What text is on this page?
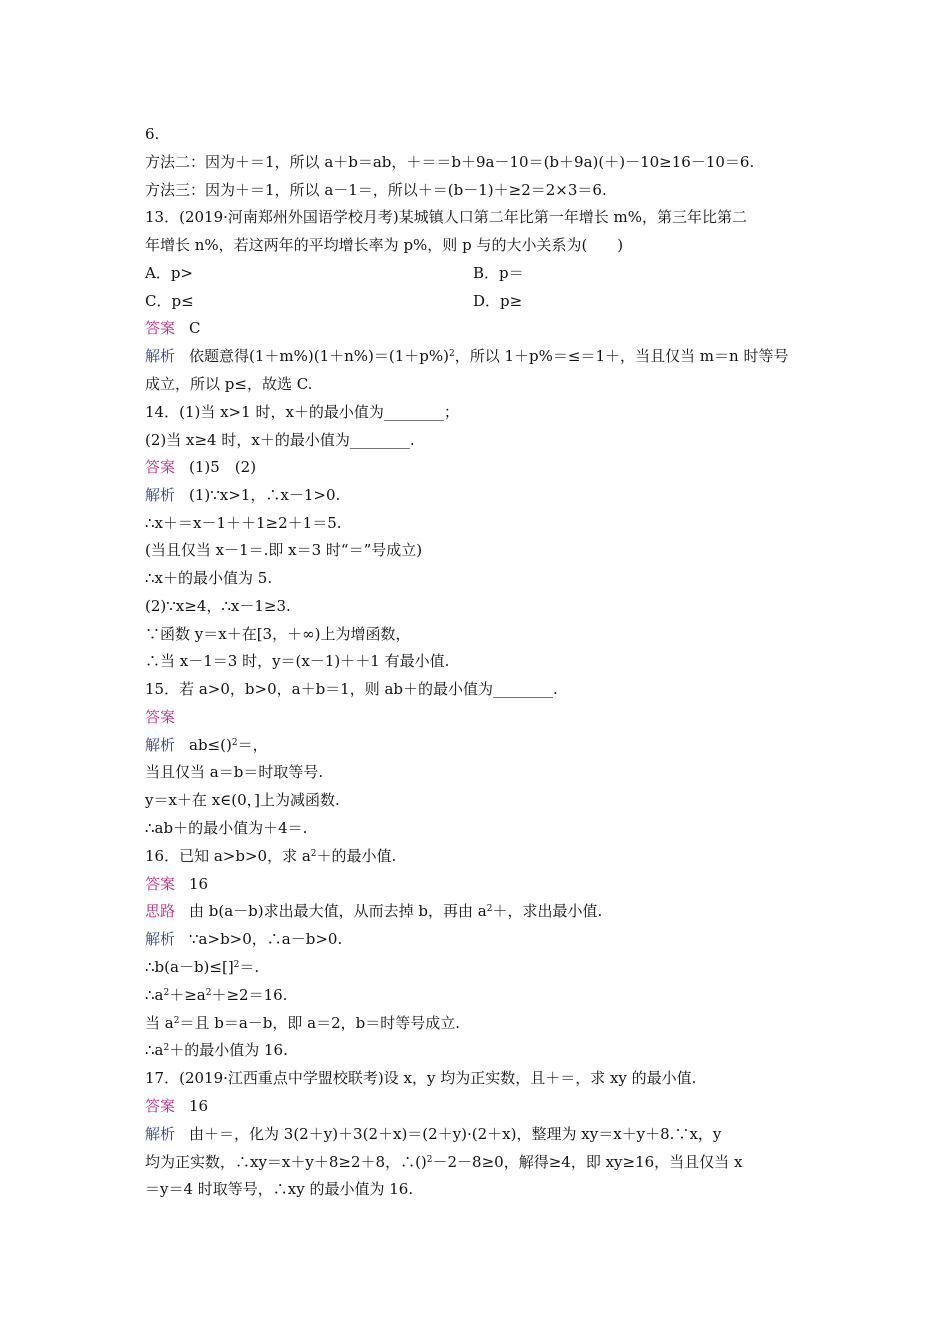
6.
方法二：因为＋＝1，所以 a＋b＝ab，＋＝＝b＋9a－10＝(b＋9a)(＋)－10≥16－10＝6.
方法三：因为＋＝1，所以 a－1＝，所以＋＝(b－1)＋≥2＝2×3＝6.
13．(2019·河南郑州外国语学校月考)某城镇人口第二年比第一年增长 m%，第三年比第二
年增长 n%，若这两年的平均增长率为 p%，则 p 与的大小关系为(　　)
A．p>	B．p＝
C．p≤	D．p≥
答案 C
解析 依题意得$(1+m\%)(1+n\%)=(1+p\%)^2$，所以 1＋p%＝≤＝1＋，当且仅当 m＝n 时等号
成立，所以 p≤，故选 C.
14．(1)当 x>1 时，x＋的最小值为________；
(2)当 x≥4 时，x＋的最小值为________.
答案 (1)5　(2)
解析 (1)∵x>1，∴x－1>0.
∴x＋＝x－1＋＋1≥2＋1＝5.
(当且仅当 x－1＝.即 x＝3 时“＝”号成立)
∴x＋的最小值为 5.
(2)∵x≥4，∴x－1≥3.
∵函数 y＝x＋在[3，＋∞)上为增函数，
∴当 x－1＝3 时，y＝(x－1)＋＋1 有最小值.
15．若 a>0，b>0，a＋b＝1，则 ab＋的最小值为________.
答案
解析 ab≤()$^2$＝，
当且仅当 a＝b＝时取等号.
y＝x＋在 x∈(0，]上为减函数.
∴ab＋的最小值为＋4＝.
16．已知 a>b>0，求 $a^2+$的最小值.
答案 16
思路 由 b(a－b)求出最大值，从而去掉 b，再由 $a^2+$，求出最小值.
解析 ∵a>b>0，∴a－b>0.
∴b(a－b)≤[]$^2$＝.
$\therefore a^2+\ge a^2+\ge 2=16$.
当 $a^2=$且 b＝a－b，即 a＝2，b＝时等号成立.
$\therefore a^2+$的最小值为 16.
17．(2019·江西重点中学盟校联考)设 x，y 均为正实数，且＋＝，求 xy 的最小值.
答案 16
解析 由＋＝，化为 3(2＋y)＋3(2＋x)＝(2＋y)·(2＋x)，整理为 xy＝x＋y＋8.∵x，y
均为正实数，∴xy＝x＋y＋8≥2＋8，∴()$^2$－2－8≥0，解得≥4，即 xy≥16，当且仅当 x
＝y＝4 时取等号，∴xy 的最小值为 16.
